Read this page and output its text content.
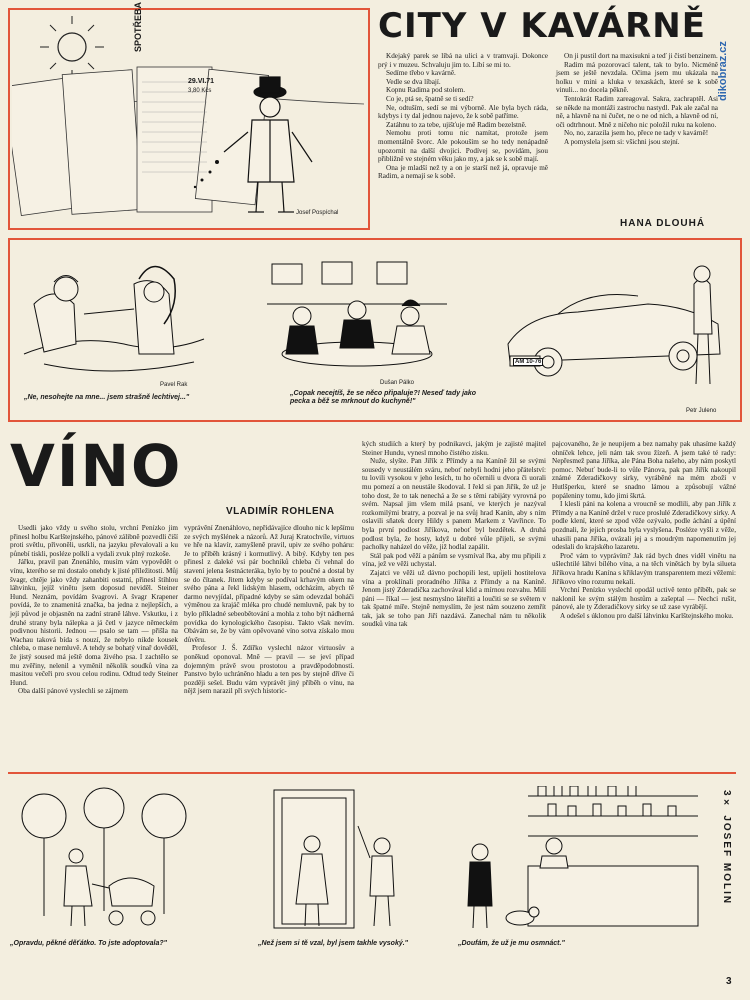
SPOTŘEBA
3,80 Kčs
29.VI.71
Josef Pospíchal
CITY V KAVÁRNĚ
dikobraz.cz

Kdejaký parek se líbá na ulici a v tramvaji. Dokonce prý i v muzeu. Schvaluju jim to. Líbí se mi to.

Sedíme třebo v kavárně.

Vedle se dva líbají.

Kopnu Radima pod stolem.

Co je, ptá se, špatně se ti sedí?

Ne, odtuším, sedí se mi výborně. Ale byla bych ráda, kdybys i ty dal jednou najevo, že k sobě patříme.

Zatáhnu to za tebe, ujišťuje mě Radim bezelstně.

Nemohu proti tomu nic namítat, protože jsem momentálně švorc. Ale pokouším se ho tedy nenápadně upozornit na další dvojici. Podívej se, povídám, jsou přibližně ve stejném věku jako my, a jak se k sobě mají.

Ona je mladší než ty a on je starší než já, opravuje mě Radim, a nemají se k sobě.

On ji pustil dort na maxisukni a teď ji čistí benzinem.

Radim má pozorovací talent, tak to bylo. Nicméně jsem se ještě nevzdala. Očima jsem mu ukázala na holku v mini a kluka v texaskách, které se k sobě vinuli... no docela pěkně.

Tentokrát Radim zareagoval. Sakra, zachraptěl. Asi se někde na montáži zastrochu nastydl. Pak ale začal na ně, a hlavně na ni čučet, ne o ne od nich, a hlavně od ní, oči odtrhnout. Mně z ničeho nic položil ruku na koleno.

No, no, zarazila jsem ho, přece ne tady v kavárně!

A pomyslela jsem si: všichni jsou stejní.

HANA DLOUHÁ
Pavel Rak
„Ne, nesohejte na mne... jsem strašně lechtivej..."
Dušan Pálko
„Copak necejtíš, že se něco připaluje?! Neseď tady jako pecka a běž se mrknout do kuchyně!"
AM 10-76
Petr Juleno
VÍNO
VLADIMÍR ROHLENA

Usedli jako vždy u svého stolu, vrchní Penízko jim přinesl holbu Karlštejnského, pánové zálibně pozvedli čiší proti světlu, přivoněli, usrkli, na jazyku převalovali a ku půnebí tiskli, posléze polkli a vydali zvuk plný rozkoše.

Jářku, pravil pan Znenáhlo, musím vám vypovědět o vínu, kterého se mi dostalo onehdy k jisté příležitosti. Můj švagr, chtěje jako vždy zahanbiti ostatní, přinesl štíhlou láhvinku, jejíž vinětu jsem doposud neviděl. Steiner Hund. Neznám, povídám švagrovi. A švagr Krapener povídá, že to znamenitá značka, ba jedna z nejlepších, a její původ je objasněn na zadní straně láhve. Vskutku, i z druhé strany byla nálepka a já četl v jazyce německém podivnou historii. Jednou — psalo se tam — přišla na Wachau taková bída s nouzí, že nebylo nikde kousek chleba, o mase nemluvě. A tehdy se bohatý vinař dověděl, že jistý soused má ještě doma živého psa. I zachtělo se mu zvěřiny, nelenil a vyměnil několik soudků vína za masitou večeři pro svou celou rodinu. Odtud tedy Steiner Hund.

Oba další pánové vyslechli se zájmem

vyprávění Znenáhlovo, nepřidávajíce dlouho nic k lepšímu ze svých myšlének a názorů. Až Juraj Kratochvíle, virtuos ve hře na klavír, zamyšleně pravil, upiv ze svého poháru: Je to příběh krásný i kormutlivý. A bibý. Kdyby ten pes přinesl z daleké vsi pár bochníků chleba či vehnal do stavení jelena šestnácteráka, bylo by to poučné a dostal by se do čítanek. Jitem kdyby se podíval krhavým okem na svého pána a řekl lidským hlasem, odcházím, abych tě darmo nevyjídal, případné kdyby se sám odevzdal boháči výměnou za krajáč mléka pro chudé nemluvně, pak by to bylo příkladné sebeobětování a mohla z toho být nádherná povídka do kynologického časopisu. Takto však nevím. Obávám se, že by vám opěvované víno sotva získalo mou důvěru.

Profesor J. Š. Zdířko vyslechl názor virtuosův a poněkud oponoval. Mně — pravil — se jeví případ dojemným právě svou prostotou a pravděpodobností. Panstvo bylo uchráněno hladu a ten pes by stejně dříve či později sešel. Budu vám vyprávět jiný příběh o vínu, na nějž jsem narazil při svých historic-

kých studiích a který by podnikavci, jakým je zajisté majitel Steiner Hundu, vynesl mnoho čistého zisku.

Nuže, slyšte. Pan Jiřík z Přímdy a na Kaníně žil se svými sousedy v neustálém sváru, neboť nebyli hodni jeho přátelství: tu lovili vysokou v jeho lesích, tu ho očernili u dvora či uorali mu pomezí a on neustále škodoval. I řekl si pan Jiřík, že už je toho dost, že to tak nenechá a že se s těmi rabijáty vyrovná po svém. Napsal jim všem milá psaní, ve kterých je nazýval rozkomilými bratry, a pozval je na svůj hrad Kanín, aby s ním oslavili sňatek dcery Hildy s panem Markem z Vavřince. To byla první podlost Jiříkova, neboť byl bezdětek. A druhá podlost byla, že hosty, když u dobré vůle přijeli, se svými pacholky naházel do věže, již hodlal zapálit.

Stál pak pod věží a pánům se vysmíval řka, aby mu připili z vína, jež ve věži uchystal.

Zajatci ve věži už dávno pochopili lest, upíjeli hostitelova vína a proklínali proradného Jiříka z Přímdy a na Kaníně. Jenom jistý Zderadička zachovával klid a mírnou rozvahu. Milí páni — říkal — jest nesmyslno láteřiti a loučiti se se světem v tak špatné míře. Stejně nemyslím, že jest nám souzeno zemřít tak, jak se toho pan Jiří nazdává. Zanechal nám tu několik soudků vína tak

pajcovaného, že je neupijem a bez namahy pak uhasíme každý ohníček lehce, jeli nám tak svou žízeň. A jsem také té rady: Nepřesmež pana Jiříka, ale Pána Boha našeho, aby nám poskytl pomoc. Nebuť bude-li to vůle Pánova, pak pan Jiřík nakoupil známé Zderadičkovy sirky, vyráběné na mém zboží v Hutlšperku, které se snadno lámou a způsobují vážné popáleniny tomu, kdo jimi škrtá.

I klesli páni na kolena a vroucně se modlili, aby pan Jiřík z Přímdy a na Kaníně držel v ruce proslulé Zderadičkovy sirky. A podle klení, které se zpod věže ozývalo, podle áchání a úpění pozdnali, že jejich prosba byla vyslyšena. Posléze vyšli z věže, uhasili pana Jiříka, ovázali jej a s moudrým napomenutím jej odeslali do krajského lazaretu.

Proč vám to vyprávím? Jak rád bych dnes viděl vinětu na ušlechtilé láhvi bílého vína, a na těch vinětách by byla silueta Jiříkova hradu Kanína s křiklavým transparentem mezi věžemi: Jiříkovo víno rozumu nekalí.

Vrchní Penízko vyslechl opodál uctivě tento příběh, pak se naklonil ke svým stálým hostům a zašeptal — Nechci rušit, pánové, ale ty Zderadičkovy sirky se už zase vyrábějí.

A odešel s úklonou pro další láhvinku Karlštejnského moku.

„Opravdu, pěkné děťátko. To jste adoptovala?"	„Než jsem si tě vzal, byl jsem takhle vysoký."	„Doufám, že už je mu osmnáct."
3× JOSEF MOLIN
3
